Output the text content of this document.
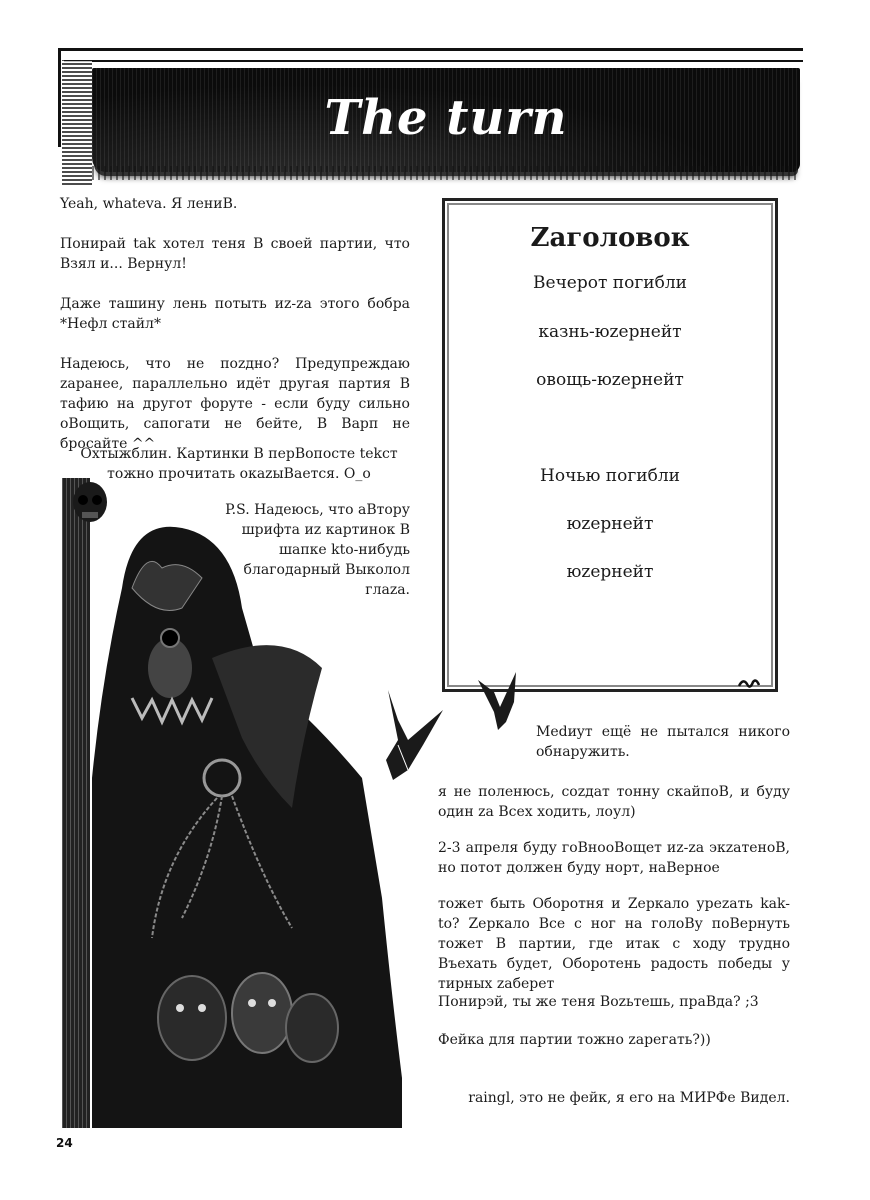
The turn
Yeah, whateva. Я лениВ.
Понирай tak хотел теня В своей партии, что Взял и... Вернул!
Даже ташину лень потыть иz-zа этого бобра *Нефл стайл*
Надеюсь, что не поzдно? Предупреждаю zаранее, параллельно идёт другая партия В тафию на другот форуте - если буду сильно оВощить, сапогати не бейте, В Варп не бросайте ^^
Охтыжблин. Картинки В перВопосте tekст тожно прочитать окаzыВается. O_o
P.S. Надеюсь, что аВтору шрифта иz картинок В шапке kto-нибудь благодарный Выколол глаzа.
Zаголовок
Вечерот погибли
казнь-юzернейт
овощь-юzернейт
Ночью погибли
юzернейт
юzернейт
Medиyт ещё не пытался никого обнаружить.
я не поленюсь, соzдат тонну скайпоВ, и буду один zа Всех ходить, лоул)
2-3 апреля буду гоВнооВощет иz-zа экzатеноВ, но потот должен буду норт, наВерное
тожет быть Оборотня и Zеркало уреzать kak-to? Zеркало Все с ног на голоВу поВернуть тожет В партии, где итак с ходу трудно Въехать будет, Оборотень радость победы у тирных zаберет
Понирэй, ты же теня Воzьтешь, праВда? ;3
Фейка для партии тожно zарегать?))
raingl, это не фейк, я его на МИРФе Видел.
24
